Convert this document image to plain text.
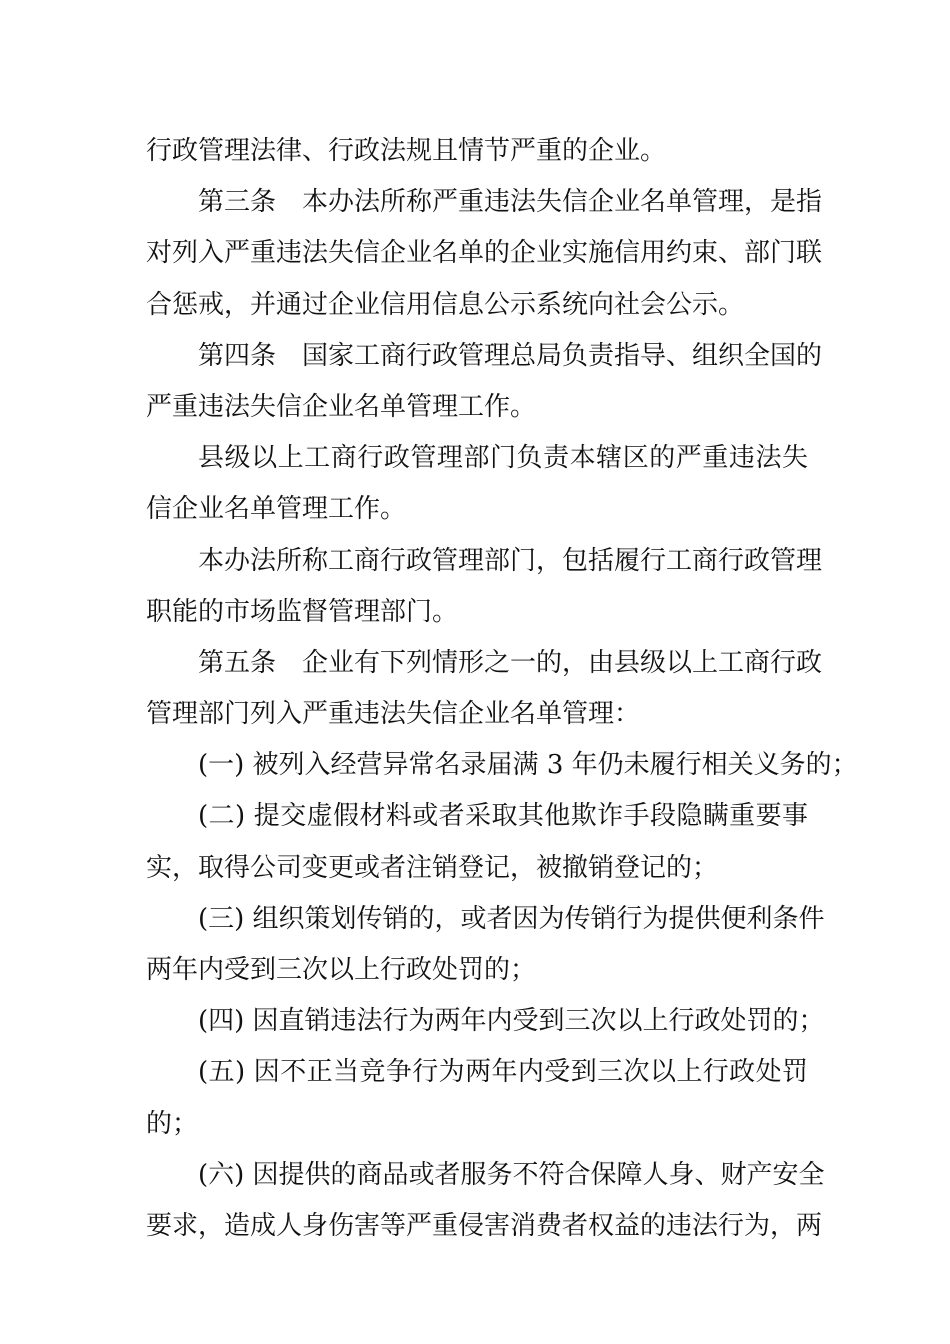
行政管理法律、行政法规且情节严重的企业。
第三条　本办法所称严重违法失信企业名单管理，是指
对列入严重违法失信企业名单的企业实施信用约束、部门联
合惩戒，并通过企业信用信息公示系统向社会公示。
第四条　国家工商行政管理总局负责指导、组织全国的
严重违法失信企业名单管理工作。
县级以上工商行政管理部门负责本辖区的严重违法失
信企业名单管理工作。
本办法所称工商行政管理部门，包括履行工商行政管理
职能的市场监督管理部门。
第五条　企业有下列情形之一的，由县级以上工商行政
管理部门列入严重违法失信企业名单管理：
(一) 被列入经营异常名录届满 3 年仍未履行相关义务的；
(二) 提交虚假材料或者采取其他欺诈手段隐瞒重要事
实，取得公司变更或者注销登记，被撤销登记的；
(三) 组织策划传销的，或者因为传销行为提供便利条件
两年内受到三次以上行政处罚的；
(四) 因直销违法行为两年内受到三次以上行政处罚的；
(五) 因不正当竞争行为两年内受到三次以上行政处罚
的；
(六) 因提供的商品或者服务不符合保障人身、财产安全
要求，造成人身伤害等严重侵害消费者权益的违法行为，两
